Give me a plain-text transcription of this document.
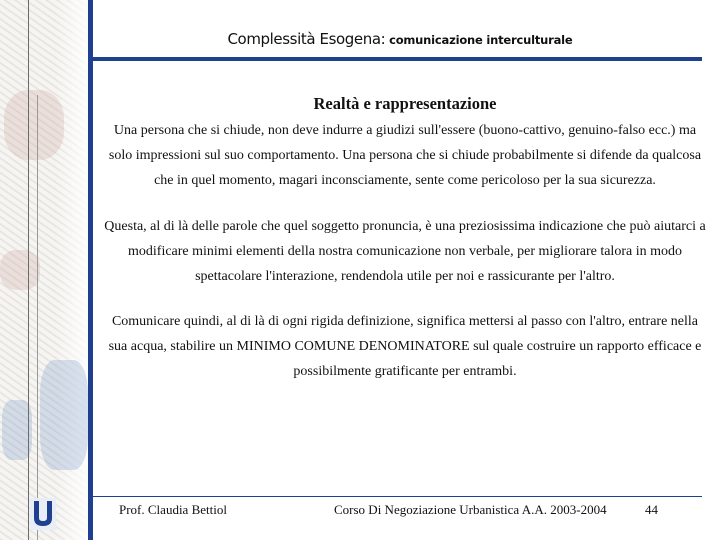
Complessità Esogena: comunicazione interculturale
Realtà e rappresentazione

Una persona che si chiude, non deve indurre a giudizi sull'essere (buono-cattivo, genuino-falso ecc.) ma solo impressioni sul suo comportamento. Una persona che si chiude probabilmente si difende da qualcosa che in quel momento, magari inconsciamente, sente come pericoloso per la sua sicurezza.

Questa, al di là delle parole che quel soggetto pronuncia, è una preziosissima indicazione che può aiutarci a modificare minimi elementi della nostra comunicazione non verbale, per migliorare talora in modo spettacolare l'interazione, rendendola utile per noi e rassicurante per l'altro.

Comunicare quindi, al di là di ogni rigida definizione, significa mettersi al passo con l'altro, entrare nella sua acqua, stabilire un MINIMO COMUNE DENOMINATORE sul quale costruire un rapporto efficace e possibilmente gratificante per entrambi.

Prof. Claudia Bettiol	Corso Di Negoziazione Urbanistica A.A. 2003-2004	44
